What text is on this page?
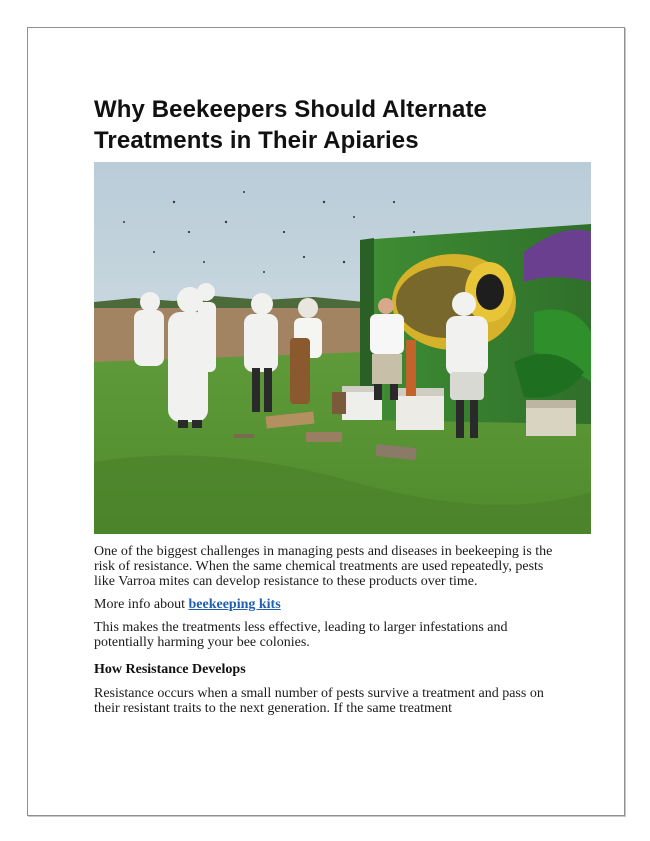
Why Beekeepers Should Alternate
Treatments in Their Apiaries

One of the biggest challenges in managing pests and diseases in beekeeping is the risk of resistance. When the same chemical treatments are used repeatedly, pests like Varroa mites can develop resistance to these products over time.

More info about beekeeping kits

This makes the treatments less effective, leading to larger infestations and potentially harming your bee colonies.

How Resistance Develops

Resistance occurs when a small number of pests survive a treatment and pass on their resistant traits to the next generation. If the same treatment
